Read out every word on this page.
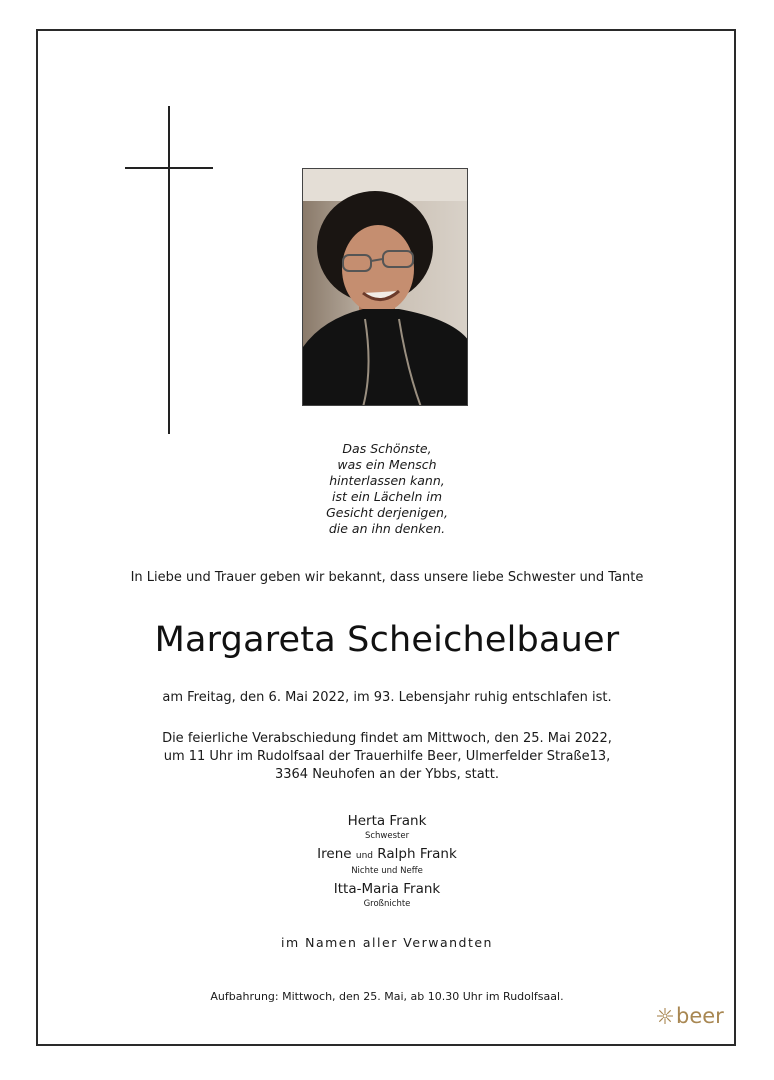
Das Schönste,
was ein Mensch
hinterlassen kann,
ist ein Lächeln im
Gesicht derjenigen,
die an ihn denken.
In Liebe und Trauer geben wir bekannt, dass unsere liebe Schwester und Tante
Margareta Scheichelbauer
am Freitag, den 6. Mai 2022, im 93. Lebensjahr ruhig entschlafen ist.
Die feierliche Verabschiedung findet am Mittwoch, den 25. Mai 2022,
um 11 Uhr im Rudolfsaal der Trauerhilfe Beer, Ulmerfelder Straße13,
3364 Neuhofen an der Ybbs, statt.
Herta Frank
Schwester
Irene und Ralph Frank
Nichte und Neffe
Itta-Maria Frank
Großnichte
im Namen aller Verwandten
Aufbahrung: Mittwoch, den 25. Mai, ab 10.30 Uhr im Rudolfsaal.
beer
